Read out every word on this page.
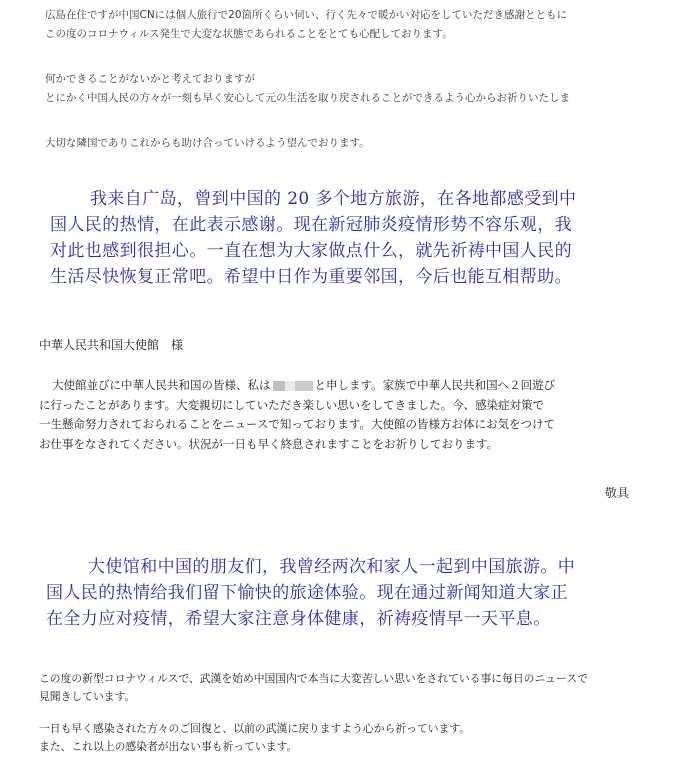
広島在住ですが中国CNには個人旅行で20箇所くらい伺い、行く先々で暖かい対応をしていただき感謝とともに

この度のコロナウィルス発生で大変な状態であられることをとても心配しております。

何かできることがないかと考えておりますが

とにかく中国人民の方々が一刻も早く安心して元の生活を取り戻されることができるよう心からお祈りいたしま

大切な隣国でありこれからも助け合っていけるよう望んでおります。

我来自广岛，曾到中国的 20 多个地方旅游，在各地都感受到中

国人民的热情，在此表示感谢。现在新冠肺炎疫情形势不容乐观，我

对此也感到很担心。一直在想为大家做点什么，就先祈祷中国人民的

生活尽快恢复正常吧。希望中日作为重要邻国，今后也能互相帮助。

中華人民共和国大使館　様

大使館並びに中華人民共和国の皆様、私は	と申します。家族で中華人民共和国へ２回遊び

に行ったことがあります。大変親切にしていただき楽しい思いをしてきました。今、感染症対策で

一生懸命努力されておられることをニュースで知っております。大使館の皆様方お体にお気をつけて

お仕事をなされてください。状況が一日も早く終息されますことをお祈りしております。

敬具

大使馆和中国的朋友们，我曾经两次和家人一起到中国旅游。中

国人民的热情给我们留下愉快的旅途体验。现在通过新闻知道大家正

在全力应对疫情，希望大家注意身体健康，祈祷疫情早一天平息。

この度の新型コロナウィルスで、武漢を始め中国国内で本当に大変苦しい思いをされている事に毎日のニュースで

見聞きしています。

一日も早く感染された方々のご回復と、以前の武漢に戻りますよう心から祈っています。

また、これ以上の感染者が出ない事も祈っています。
